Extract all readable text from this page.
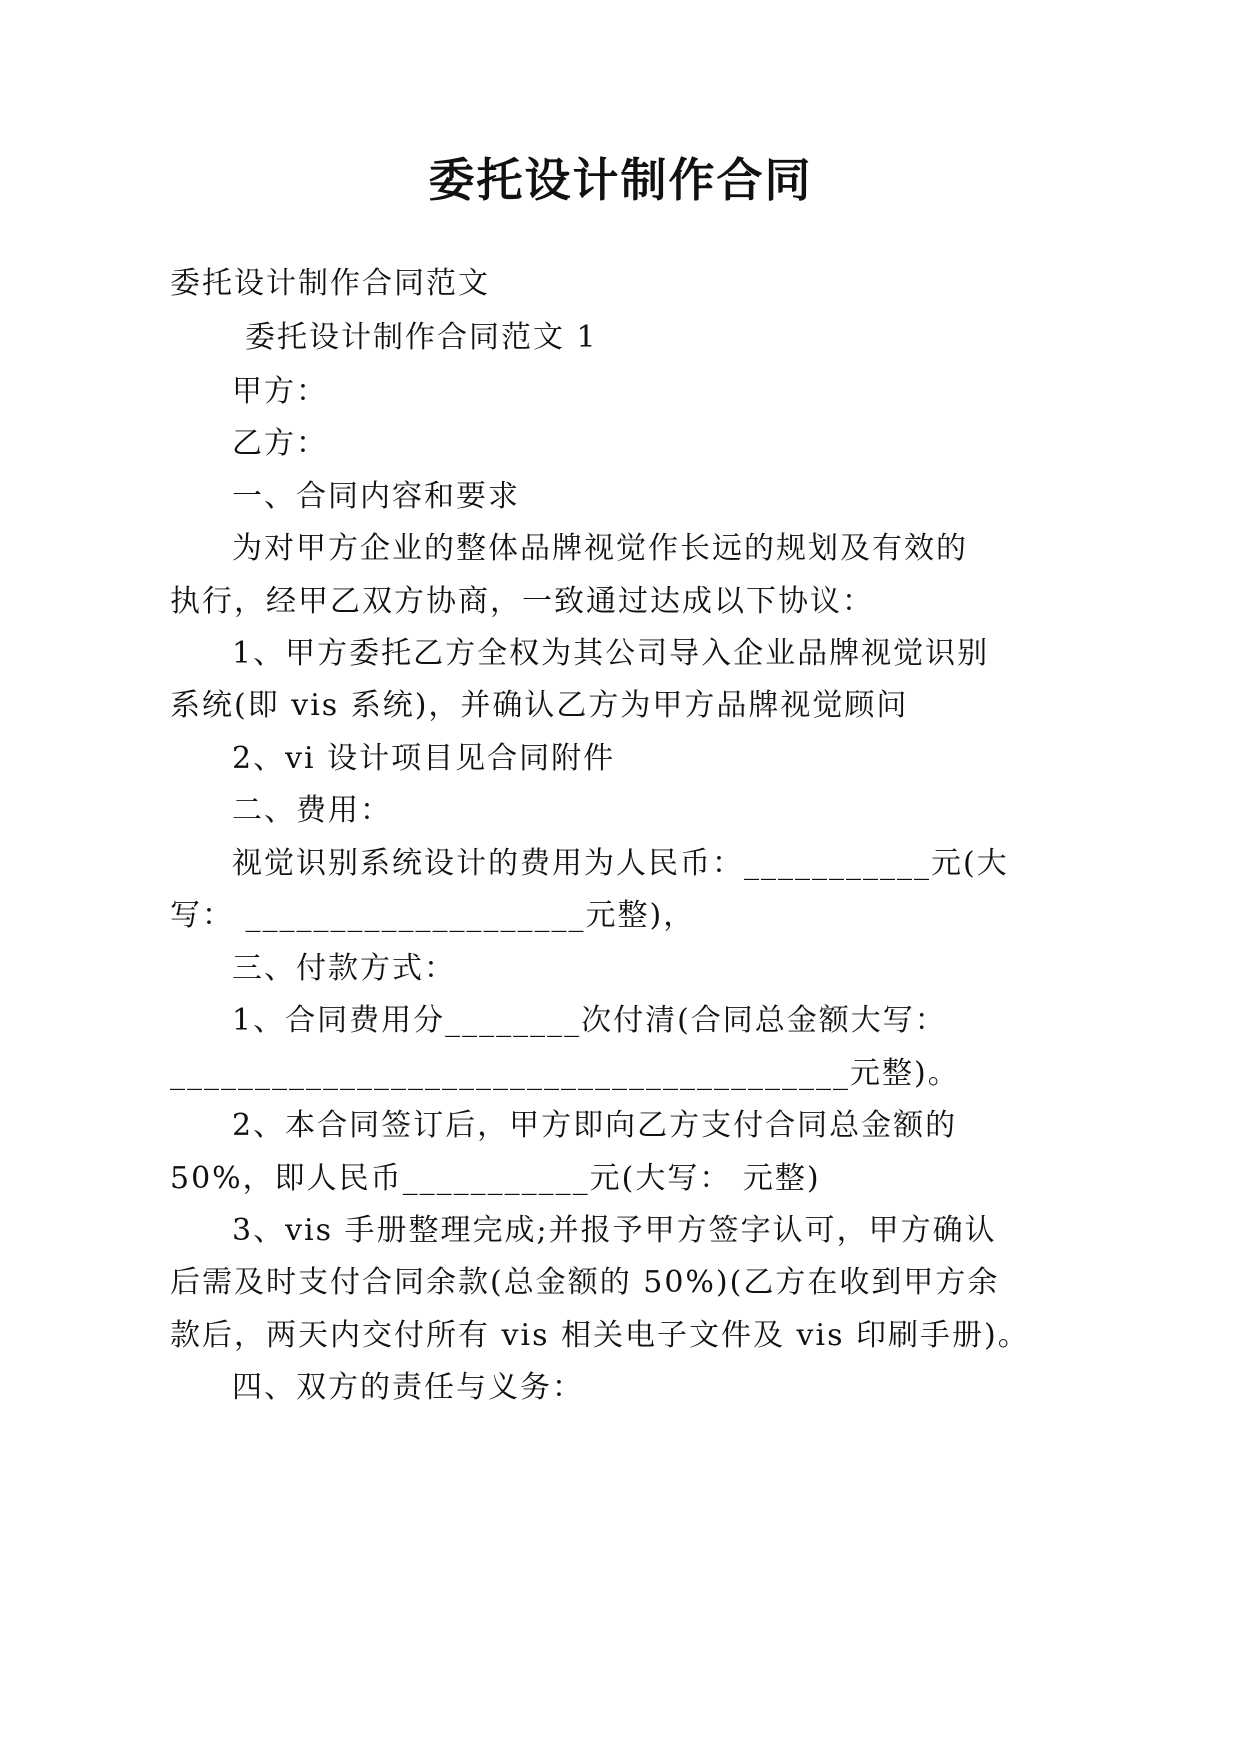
委托设计制作合同
委托设计制作合同范文
委托设计制作合同范文 1
甲方：
乙方：
一、合同内容和要求
为对甲方企业的整体品牌视觉作长远的规划及有效的
执行，经甲乙双方协商，一致通过达成以下协议：
1、甲方委托乙方全权为其公司导入企业品牌视觉识别
系统(即 vis 系统)，并确认乙方为甲方品牌视觉顾问
2、vi 设计项目见合同附件
二、费用：
视觉识别系统设计的费用为人民币：___________元(大
写： ____________________元整)，
三、付款方式：
1、合同费用分________次付清(合同总金额大写：
________________________________________元整)。
2、本合同签订后，甲方即向乙方支付合同总金额的
50%，即人民币___________元(大写： 元整)
3、vis 手册整理完成;并报予甲方签字认可，甲方确认
后需及时支付合同余款(总金额的 50%)(乙方在收到甲方余
款后，两天内交付所有 vis 相关电子文件及 vis 印刷手册)。
四、双方的责任与义务：
